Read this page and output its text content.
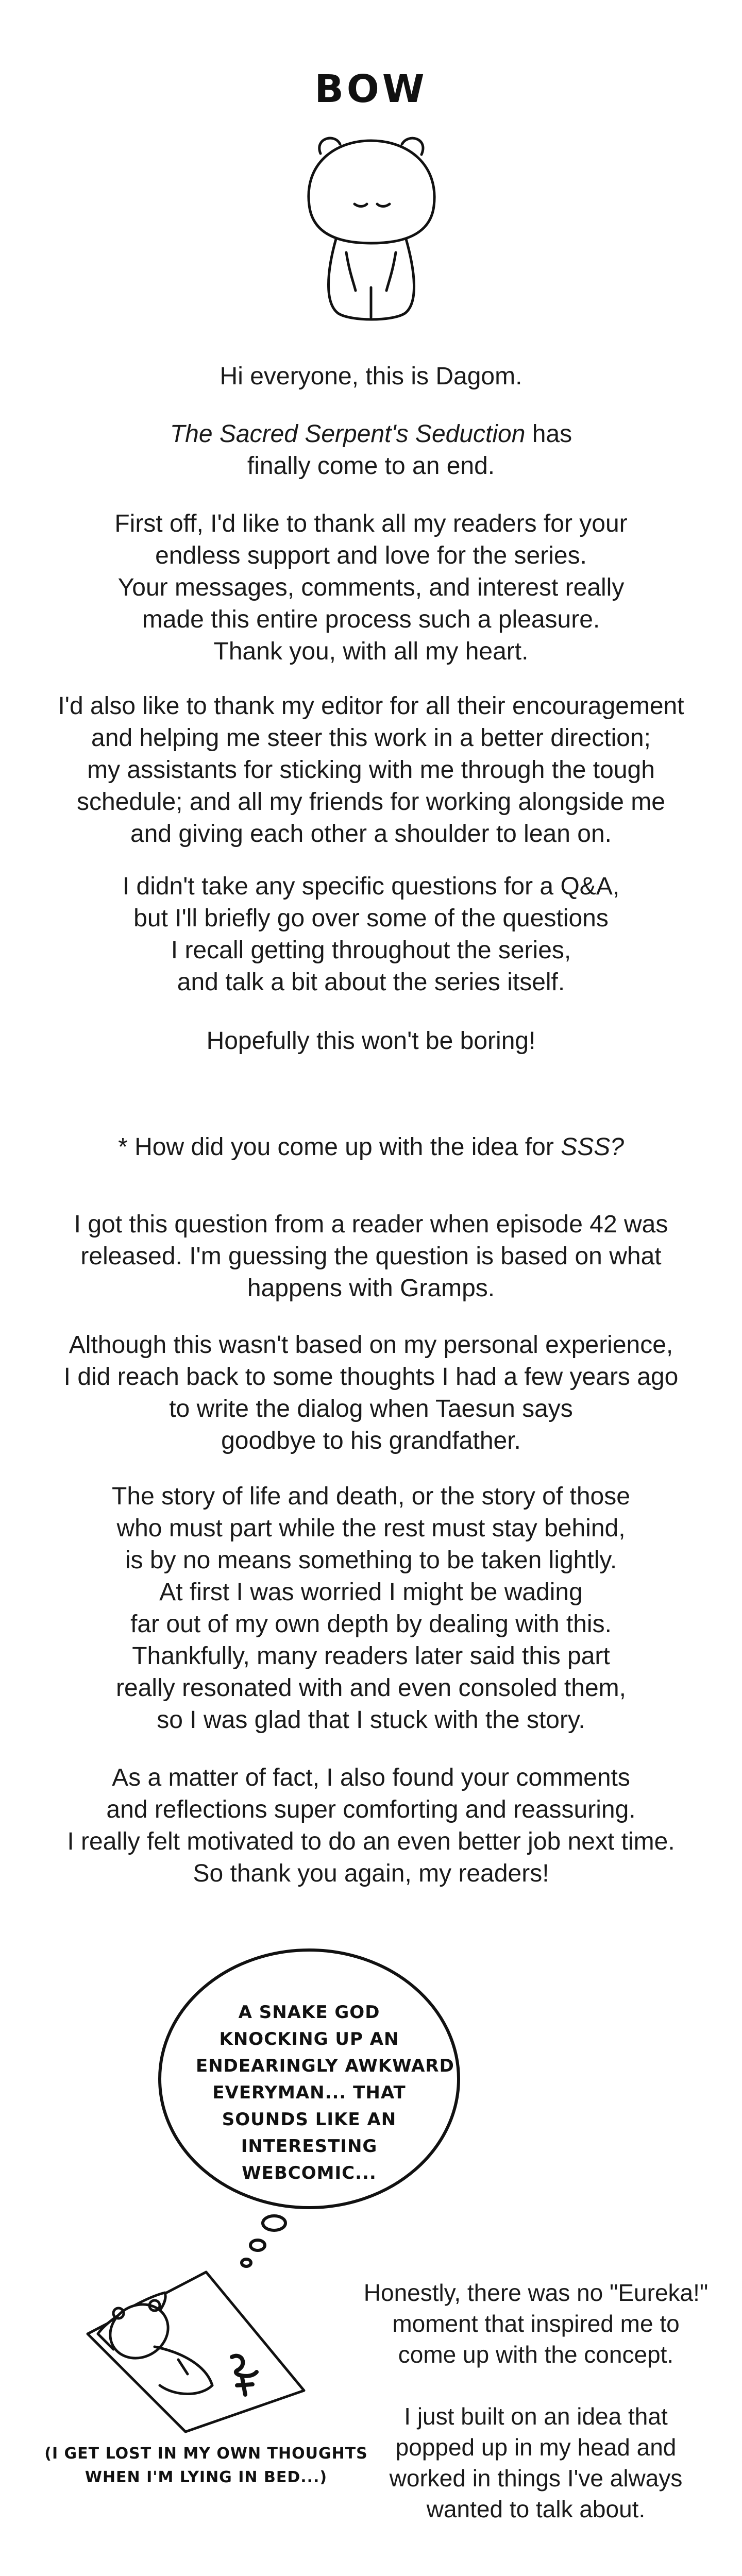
BOW
Hi everyone, this is Dagom.
The Sacred Serpent's Seduction has
finally come to an end.
First off, I'd like to thank all my readers for your
endless support and love for the series.
Your messages, comments, and interest really
made this entire process such a pleasure.
Thank you, with all my heart.
I'd also like to thank my editor for all their encouragement
and helping me steer this work in a better direction;
my assistants for sticking with me through the tough
schedule; and all my friends for working alongside me
and giving each other a shoulder to lean on.
I didn't take any specific questions for a Q&A,
but I'll briefly go over some of the questions
I recall getting throughout the series,
and talk a bit about the series itself.
Hopefully this won't be boring!
* How did you come up with the idea for SSS?
I got this question from a reader when episode 42 was
released. I'm guessing the question is based on what
happens with Gramps.
Although this wasn't based on my personal experience,
I did reach back to some thoughts I had a few years ago
to write the dialog when Taesun says
goodbye to his grandfather.
The story of life and death, or the story of those
who must part while the rest must stay behind,
is by no means something to be taken lightly.
At first I was worried I might be wading
far out of my own depth by dealing with this.
Thankfully, many readers later said this part
really resonated with and even consoled them,
so I was glad that I stuck with the story.
As a matter of fact, I also found your comments
and reflections super comforting and reassuring.
I really felt motivated to do an even better job next time.
So thank you again, my readers!
A SNAKE GOD
KNOCKING UP AN
ENDEARINGLY AWKWARD
EVERYMAN... THAT
SOUNDS LIKE AN
INTERESTING
WEBCOMIC...
Honestly, there was no "Eureka!"
moment that inspired me to
come up with the concept.
I just built on an idea that
popped up in my head and
worked in things I've always
wanted to talk about.
(I GET LOST IN MY OWN THOUGHTS
WHEN I'M LYING IN BED...)
